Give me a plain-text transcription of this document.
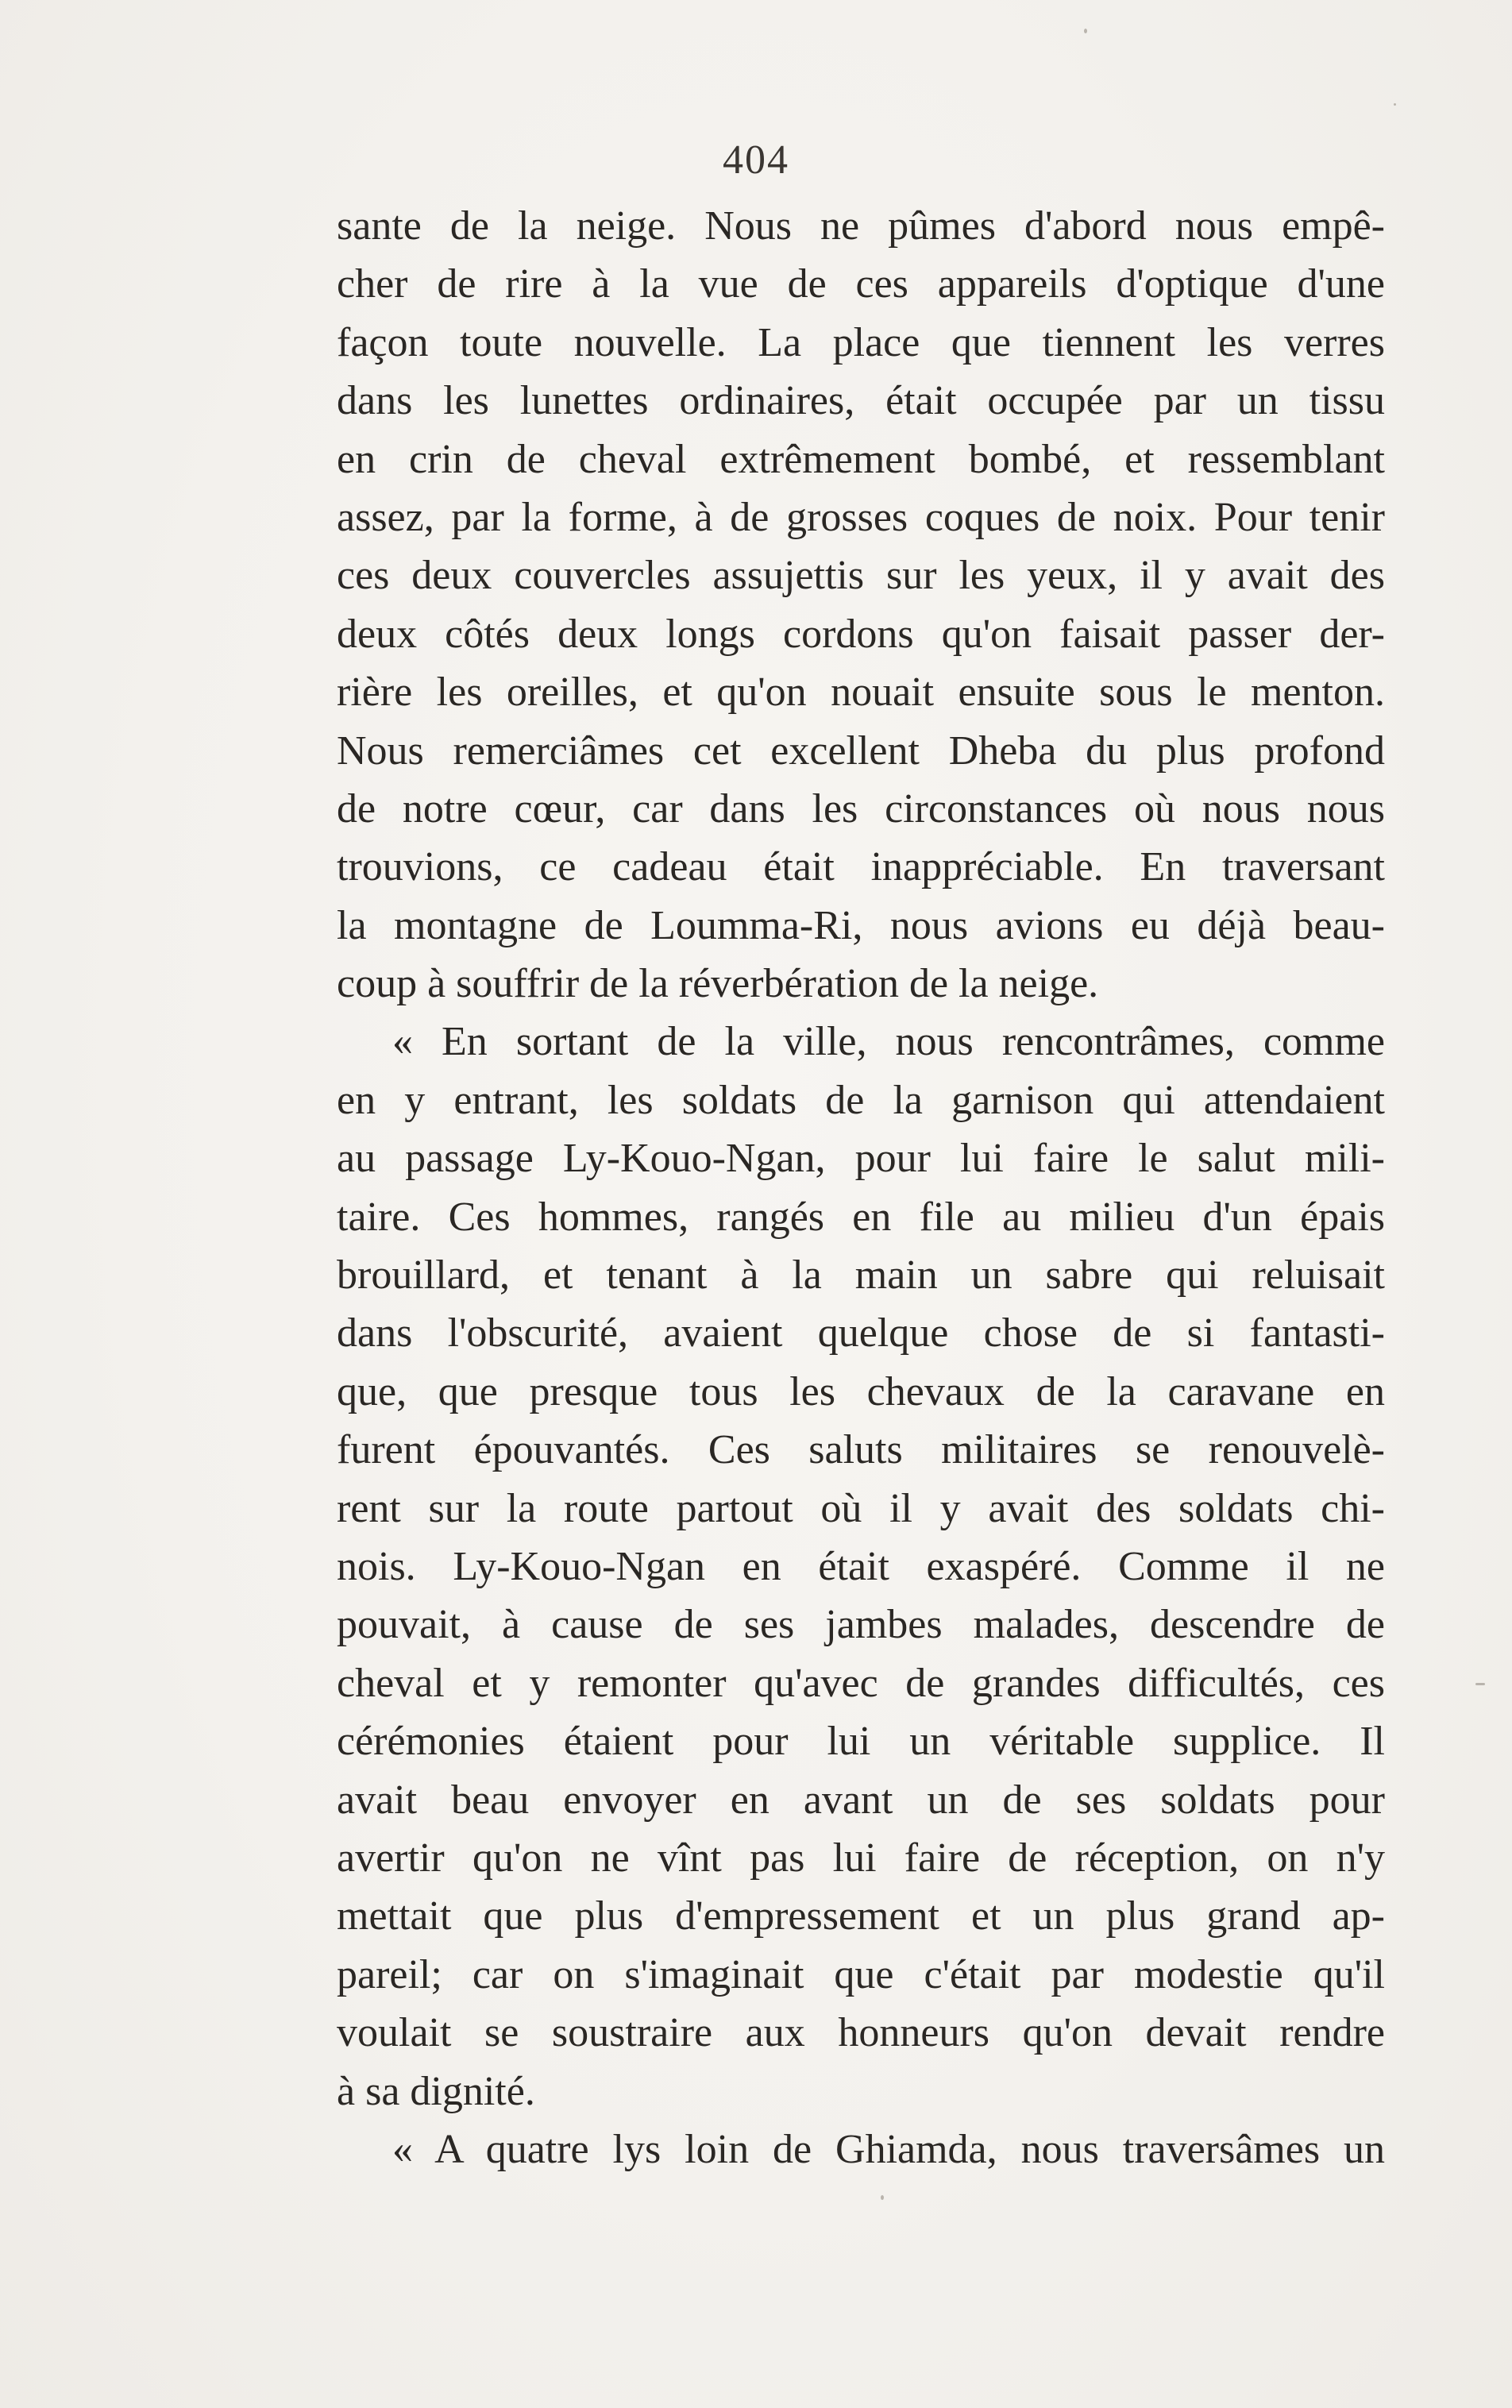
404
sante de la neige. Nous ne pûmes d'abord nous empê-
cher de rire à la vue de ces appareils d'optique d'une
façon toute nouvelle. La place que tiennent les verres
dans les lunettes ordinaires, était occupée par un tissu
en crin de cheval extrêmement bombé, et ressemblant
assez, par la forme, à de grosses coques de noix. Pour tenir
ces deux couvercles assujettis sur les yeux, il y avait des
deux côtés deux longs cordons qu'on faisait passer der-
rière les oreilles, et qu'on nouait ensuite sous le menton.
Nous remerciâmes cet excellent Dheba du plus profond
de notre cœur, car dans les circonstances où nous nous
trouvions, ce cadeau était inappréciable. En traversant
la montagne de Loumma-Ri, nous avions eu déjà beau-
coup à souffrir de la réverbération de la neige.
« En sortant de la ville, nous rencontrâmes, comme
en y entrant, les soldats de la garnison qui attendaient
au passage Ly-Kouo-Ngan, pour lui faire le salut mili-
taire. Ces hommes, rangés en file au milieu d'un épais
brouillard, et tenant à la main un sabre qui reluisait
dans l'obscurité, avaient quelque chose de si fantasti-
que, que presque tous les chevaux de la caravane en
furent épouvantés. Ces saluts militaires se renouvelè-
rent sur la route partout où il y avait des soldats chi-
nois. Ly-Kouo-Ngan en était exaspéré. Comme il ne
pouvait, à cause de ses jambes malades, descendre de
cheval et y remonter qu'avec de grandes difficultés, ces
cérémonies étaient pour lui un véritable supplice. Il
avait beau envoyer en avant un de ses soldats pour
avertir qu'on ne vînt pas lui faire de réception, on n'y
mettait que plus d'empressement et un plus grand ap-
pareil; car on s'imaginait que c'était par modestie qu'il
voulait se soustraire aux honneurs qu'on devait rendre
à sa dignité.
« A quatre lys loin de Ghiamda, nous traversâmes un
